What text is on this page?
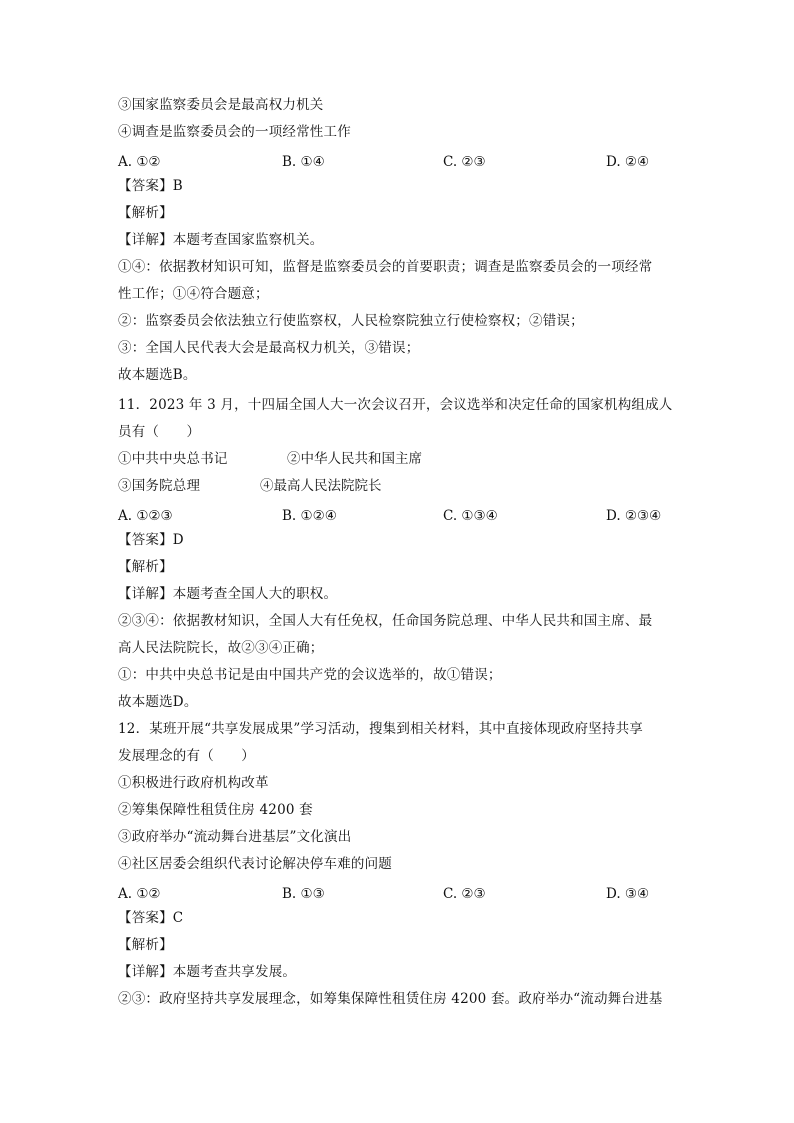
③国家监察委员会是最高权力机关
④调查是监察委员会的一项经常性工作
A. ①②	B. ①④	C. ②③	D. ②④
【答案】B
【解析】
【详解】本题考查国家监察机关。
①④：依据教材知识可知，监督是监察委员会的首要职责；调查是监察委员会的一项经常
性工作；①④符合题意；
②：监察委员会依法独立行使监察权，人民检察院独立行使检察权；②错误；
③：全国人民代表大会是最高权力机关，③错误；
故本题选B。
11．2023 年 3 月，十四届全国人大一次会议召开，会议选举和决定任命的国家机构组成人
员有（　　）
①中共中央总书记	②中华人民共和国主席
③国务院总理	④最高人民法院院长
A. ①②③	B. ①②④	C. ①③④	D. ②③④
【答案】D
【解析】
【详解】本题考查全国人大的职权。
②③④：依据教材知识，全国人大有任免权，任命国务院总理、中华人民共和国主席、最
高人民法院院长，故②③④正确；
①：中共中央总书记是由中国共产党的会议选举的，故①错误；
故本题选D。
12．某班开展“共享发展成果”学习活动，搜集到相关材料，其中直接体现政府坚持共享
发展理念的有（　　）
①积极进行政府机构改革
②筹集保障性租赁住房 4200 套
③政府举办“流动舞台进基层”文化演出
④社区居委会组织代表讨论解决停车难的问题
A. ①②	B. ①③	C. ②③	D. ③④
【答案】C
【解析】
【详解】本题考查共享发展。
②③：政府坚持共享发展理念，如筹集保障性租赁住房 4200 套。政府举办“流动舞台进基
